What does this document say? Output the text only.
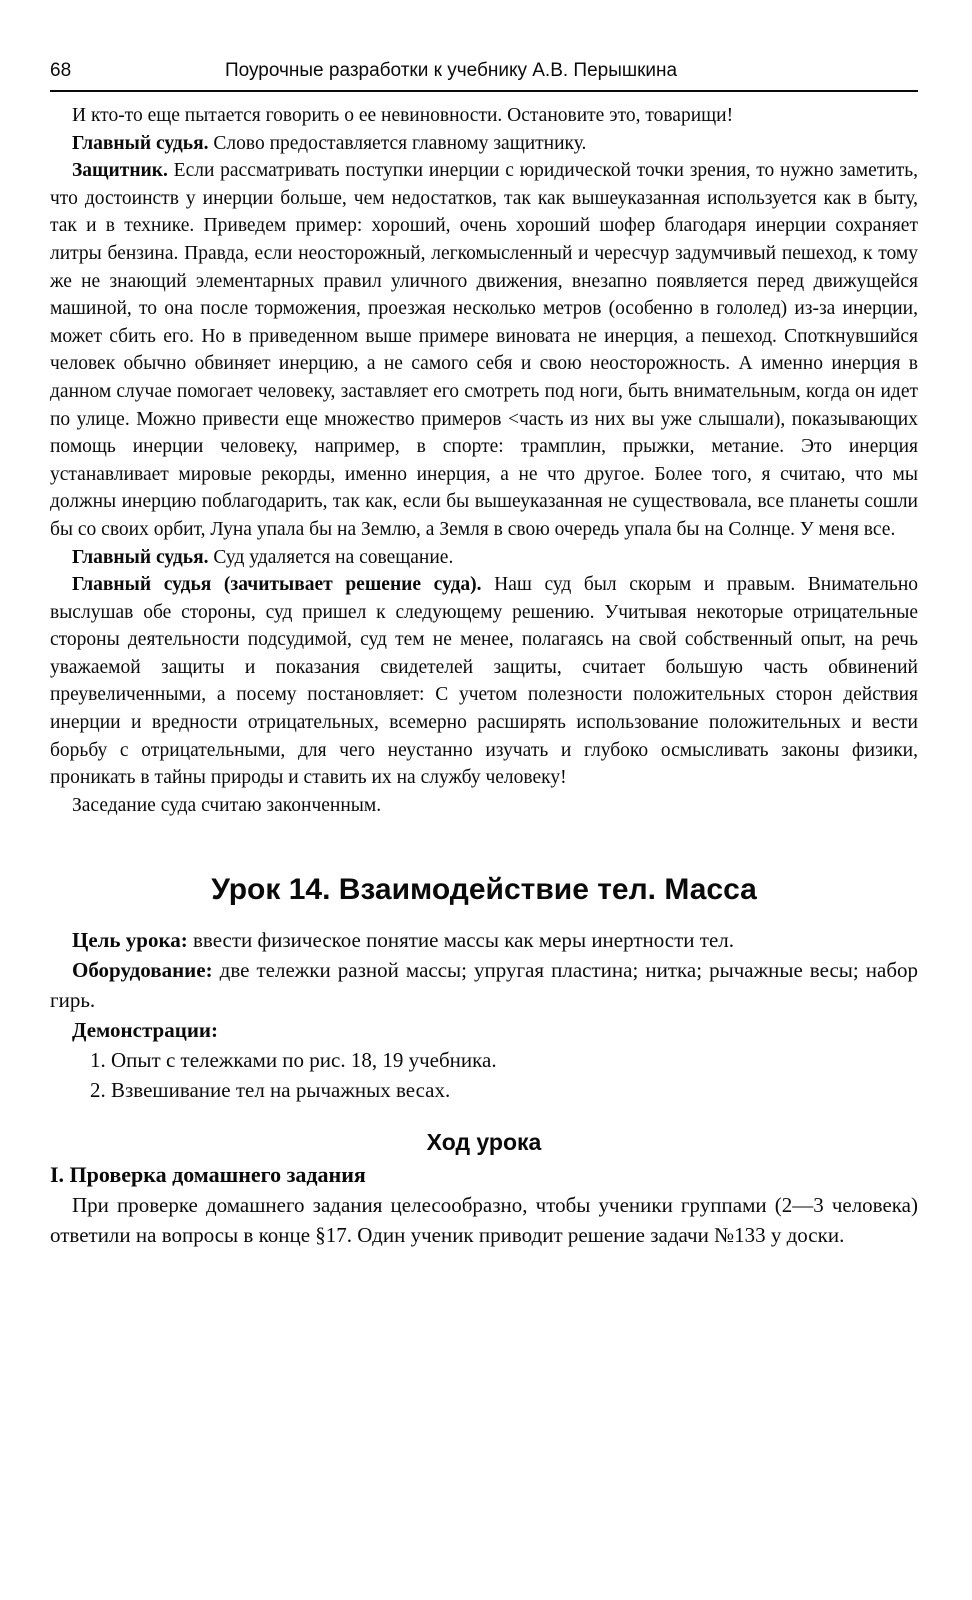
68	Поурочные разработки к учебнику А.В. Перышкина

И кто-то еще пытается говорить о ее невиновности. Остановите это, товарищи!

Главный судья. Слово предоставляется главному защитнику.

Защитник. Если рассматривать поступки инерции с юридической точки зрения, то нужно заметить, что достоинств у инерции больше, чем недостатков, так как вышеуказанная используется как в быту, так и в технике. Приведем пример: хороший, очень хороший шофер благодаря инерции сохраняет литры бензина. Правда, если неосторожный, легкомысленный и чересчур задумчивый пешеход, к тому же не знающий элементарных правил уличного движения, внезапно появляется перед движущейся машиной, то она после торможения, проезжая несколько метров (особенно в гололед) из-за инерции, может сбить его. Но в приведенном выше примере виновата не инерция, а пешеход. Споткнувшийся человек обычно обвиняет инерцию, а не самого себя и свою неосторожность. А именно инерция в данном случае помогает человеку, заставляет его смотреть под ноги, быть внимательным, когда он идет по улице. Можно привести еще множество примеров <часть из них вы уже слышали), показывающих помощь инерции человеку, например, в спорте: трамплин, прыжки, метание. Это инерция устанавливает мировые рекорды, именно инерция, а не что другое. Более того, я считаю, что мы должны инерцию поблагодарить, так как, если бы вышеуказанная не существовала, все планеты сошли бы со своих орбит, Луна упала бы на Землю, а Земля в свою очередь упала бы на Солнце. У меня все.

Главный судья. Суд удаляется на совещание.

Главный судья (зачитывает решение суда). Наш суд был скорым и правым. Внимательно выслушав обе стороны, суд пришел к следующему решению. Учитывая некоторые отрицательные стороны деятельности подсудимой, суд тем не менее, полагаясь на свой собственный опыт, на речь уважаемой защиты и показания свидетелей защиты, считает большую часть обвинений преувеличенными, а посему постановляет: С учетом полезности положительных сторон действия инерции и вредности отрицательных, всемерно расширять использование положительных и вести борьбу с отрицательными, для чего неустанно изучать и глубоко осмысливать законы физики, проникать в тайны природы и ставить их на службу человеку!

Заседание суда считаю законченным.

Урок 14. Взаимодействие тел. Масса

Цель урока: ввести физическое понятие массы как меры инертности тел.

Оборудование: две тележки разной массы; упругая пластина; нитка; рычажные весы; набор гирь.

Демонстрации:

1. Опыт с тележками по рис. 18, 19 учебника.
2. Взвешивание тел на рычажных весах.
Ход урока
I. Проверка домашнего задания

При проверке домашнего задания целесообразно, чтобы ученики группами (2—3 человека) ответили на вопросы в конце §17. Один ученик приводит решение задачи №133 у доски.
